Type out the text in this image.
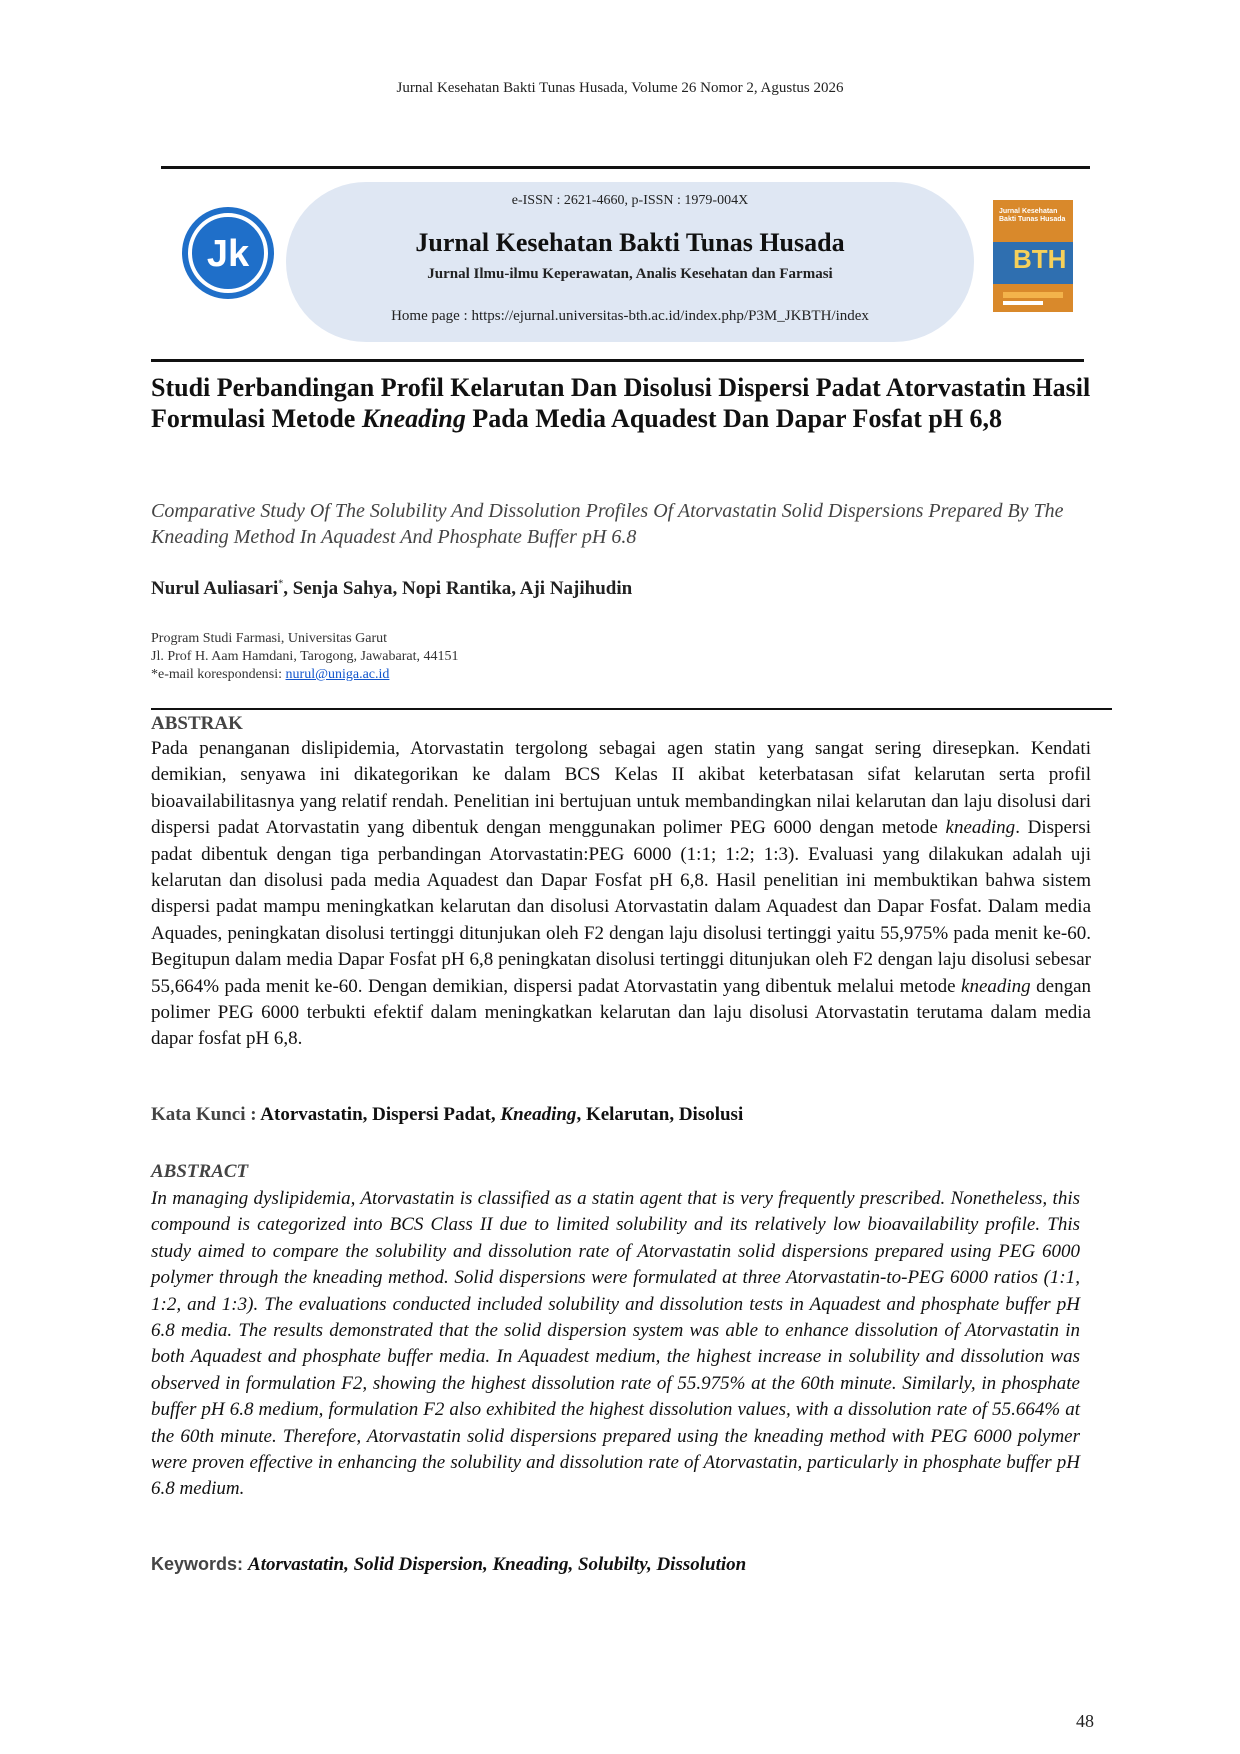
Jurnal Kesehatan Bakti Tunas Husada, Volume 26 Nomor 2, Agustus 2026
Jk
e-ISSN : 2621-4660, p-ISSN : 1979-004X
Jurnal Kesehatan Bakti Tunas Husada
Jurnal Ilmu-ilmu Keperawatan, Analis Kesehatan dan Farmasi
Home page : https://ejurnal.universitas-bth.ac.id/index.php/P3M_JKBTH/index
Jurnal Kesehatan Bakti Tunas Husada
BTH
Studi Perbandingan Profil Kelarutan Dan Disolusi Dispersi Padat Atorvastatin Hasil Formulasi Metode Kneading Pada Media Aquadest Dan Dapar Fosfat pH 6,8
Comparative Study Of The Solubility And Dissolution Profiles Of Atorvastatin Solid Dispersions Prepared By The Kneading Method In Aquadest And Phosphate Buffer pH 6.8
Nurul Auliasari*, Senja Sahya, Nopi Rantika, Aji Najihudin
Program Studi Farmasi, Universitas Garut
Jl. Prof H. Aam Hamdani, Tarogong, Jawabarat, 44151
*e-mail korespondensi: nurul@uniga.ac.id
ABSTRAK
Pada penanganan dislipidemia, Atorvastatin tergolong sebagai agen statin yang sangat sering diresepkan. Kendati demikian, senyawa ini dikategorikan ke dalam BCS Kelas II akibat keterbatasan sifat kelarutan serta profil bioavailabilitasnya yang relatif rendah. Penelitian ini bertujuan untuk membandingkan nilai kelarutan dan laju disolusi dari dispersi padat Atorvastatin yang dibentuk dengan menggunakan polimer PEG 6000 dengan metode kneading. Dispersi padat dibentuk dengan tiga perbandingan Atorvastatin:PEG 6000 (1:1; 1:2; 1:3). Evaluasi yang dilakukan adalah uji kelarutan dan disolusi pada media Aquadest dan Dapar Fosfat pH 6,8. Hasil penelitian ini membuktikan bahwa sistem dispersi padat mampu meningkatkan kelarutan dan disolusi Atorvastatin dalam Aquadest dan Dapar Fosfat. Dalam media Aquades, peningkatan disolusi tertinggi ditunjukan oleh F2 dengan laju disolusi tertinggi yaitu 55,975% pada menit ke-60. Begitupun dalam media Dapar Fosfat pH 6,8 peningkatan disolusi tertinggi ditunjukan oleh F2 dengan laju disolusi sebesar 55,664% pada menit ke-60. Dengan demikian, dispersi padat Atorvastatin yang dibentuk melalui metode kneading dengan polimer PEG 6000 terbukti efektif dalam meningkatkan kelarutan dan laju disolusi Atorvastatin terutama dalam media dapar fosfat pH 6,8.
Kata Kunci : Atorvastatin, Dispersi Padat, Kneading, Kelarutan, Disolusi
ABSTRACT
In managing dyslipidemia, Atorvastatin is classified as a statin agent that is very frequently prescribed. Nonetheless, this compound is categorized into BCS Class II due to limited solubility and its relatively low bioavailability profile. This study aimed to compare the solubility and dissolution rate of Atorvastatin solid dispersions prepared using PEG 6000 polymer through the kneading method. Solid dispersions were formulated at three Atorvastatin-to-PEG 6000 ratios (1:1, 1:2, and 1:3). The evaluations conducted included solubility and dissolution tests in Aquadest and phosphate buffer pH 6.8 media. The results demonstrated that the solid dispersion system was able to enhance dissolution of Atorvastatin in both Aquadest and phosphate buffer media. In Aquadest medium, the highest increase in solubility and dissolution was observed in formulation F2, showing the highest dissolution rate of 55.975% at the 60th minute. Similarly, in phosphate buffer pH 6.8 medium, formulation F2 also exhibited the highest dissolution values, with a dissolution rate of 55.664% at the 60th minute. Therefore, Atorvastatin solid dispersions prepared using the kneading method with PEG 6000 polymer were proven effective in enhancing the solubility and dissolution rate of Atorvastatin, particularly in phosphate buffer pH 6.8 medium.
Keywords: Atorvastatin, Solid Dispersion, Kneading, Solubilty, Dissolution
48
